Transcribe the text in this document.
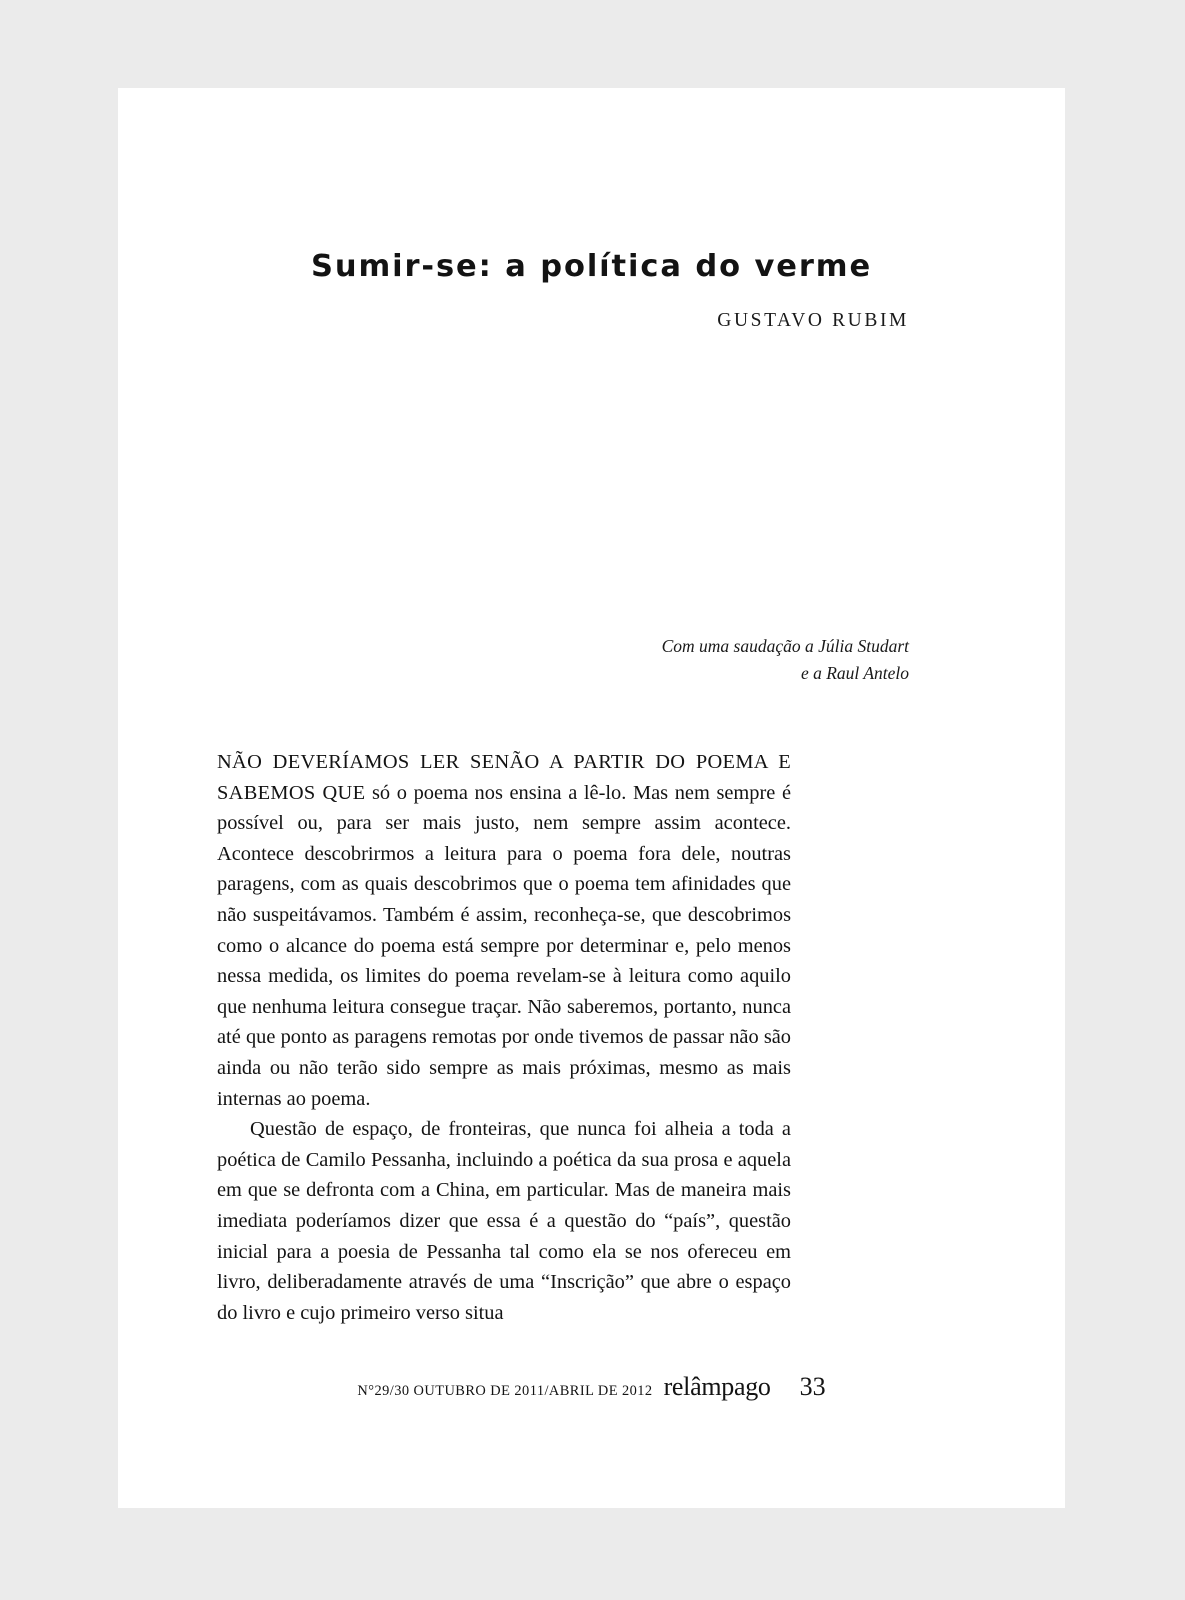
Sumir-se: a política do verme
GUSTAVO RUBIM
Com uma saudação a Júlia Studart
e a Raul Antelo

NÃO DEVERÍAMOS LER SENÃO A PARTIR DO POEMA E SABEMOS QUE só o poema nos ensina a lê-lo. Mas nem sempre é possível ou, para ser mais justo, nem sempre assim acontece. Acontece descobrirmos a leitura para o poema fora dele, noutras paragens, com as quais descobrimos que o poema tem afinidades que não suspeitávamos. Também é assim, reconheça-se, que descobrimos como o alcance do poema está sempre por determinar e, pelo menos nessa medida, os limites do poema revelam-se à leitura como aquilo que nenhuma leitura consegue traçar. Não saberemos, portanto, nunca até que ponto as paragens remotas por onde tivemos de passar não são ainda ou não terão sido sempre as mais próximas, mesmo as mais internas ao poema.

Questão de espaço, de fronteiras, que nunca foi alheia a toda a poética de Camilo Pessanha, incluindo a poética da sua prosa e aquela em que se defronta com a China, em particular. Mas de maneira mais imediata poderíamos dizer que essa é a questão do “país”, questão inicial para a poesia de Pessanha tal como ela se nos ofereceu em livro, deliberadamente através de uma “Inscrição” que abre o espaço do livro e cujo primeiro verso situa

N°29/30 OUTUBRO DE 2011/ABRIL DE 2012 relâmpago 33
